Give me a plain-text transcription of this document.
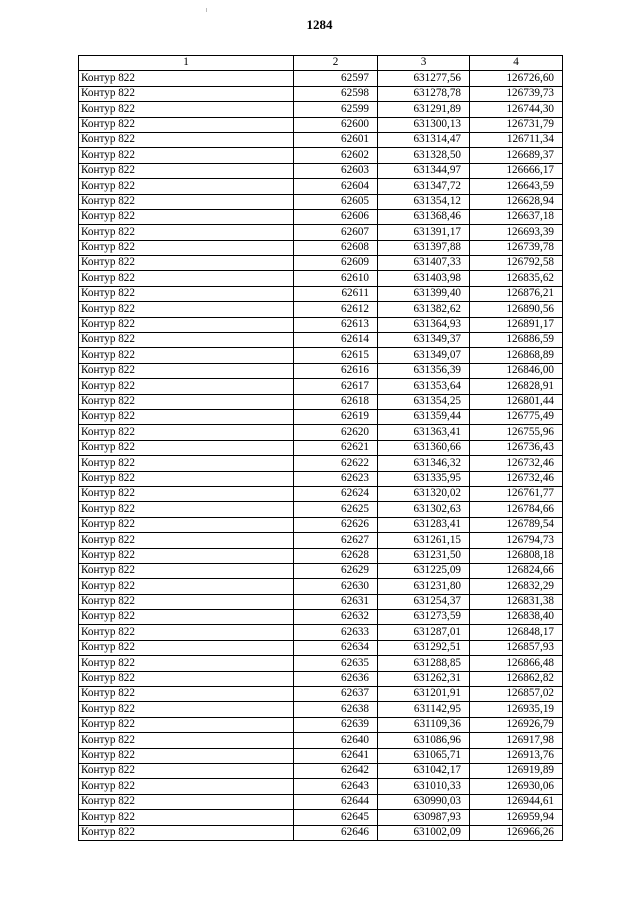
1284
1	2	3	4
Контур 822	62597	631277,56	126726,60
Контур 822	62598	631278,78	126739,73
Контур 822	62599	631291,89	126744,30
Контур 822	62600	631300,13	126731,79
Контур 822	62601	631314,47	126711,34
Контур 822	62602	631328,50	126689,37
Контур 822	62603	631344,97	126666,17
Контур 822	62604	631347,72	126643,59
Контур 822	62605	631354,12	126628,94
Контур 822	62606	631368,46	126637,18
Контур 822	62607	631391,17	126693,39
Контур 822	62608	631397,88	126739,78
Контур 822	62609	631407,33	126792,58
Контур 822	62610	631403,98	126835,62
Контур 822	62611	631399,40	126876,21
Контур 822	62612	631382,62	126890,56
Контур 822	62613	631364,93	126891,17
Контур 822	62614	631349,37	126886,59
Контур 822	62615	631349,07	126868,89
Контур 822	62616	631356,39	126846,00
Контур 822	62617	631353,64	126828,91
Контур 822	62618	631354,25	126801,44
Контур 822	62619	631359,44	126775,49
Контур 822	62620	631363,41	126755,96
Контур 822	62621	631360,66	126736,43
Контур 822	62622	631346,32	126732,46
Контур 822	62623	631335,95	126732,46
Контур 822	62624	631320,02	126761,77
Контур 822	62625	631302,63	126784,66
Контур 822	62626	631283,41	126789,54
Контур 822	62627	631261,15	126794,73
Контур 822	62628	631231,50	126808,18
Контур 822	62629	631225,09	126824,66
Контур 822	62630	631231,80	126832,29
Контур 822	62631	631254,37	126831,38
Контур 822	62632	631273,59	126838,40
Контур 822	62633	631287,01	126848,17
Контур 822	62634	631292,51	126857,93
Контур 822	62635	631288,85	126866,48
Контур 822	62636	631262,31	126862,82
Контур 822	62637	631201,91	126857,02
Контур 822	62638	631142,95	126935,19
Контур 822	62639	631109,36	126926,79
Контур 822	62640	631086,96	126917,98
Контур 822	62641	631065,71	126913,76
Контур 822	62642	631042,17	126919,89
Контур 822	62643	631010,33	126930,06
Контур 822	62644	630990,03	126944,61
Контур 822	62645	630987,93	126959,94
Контур 822	62646	631002,09	126966,26
